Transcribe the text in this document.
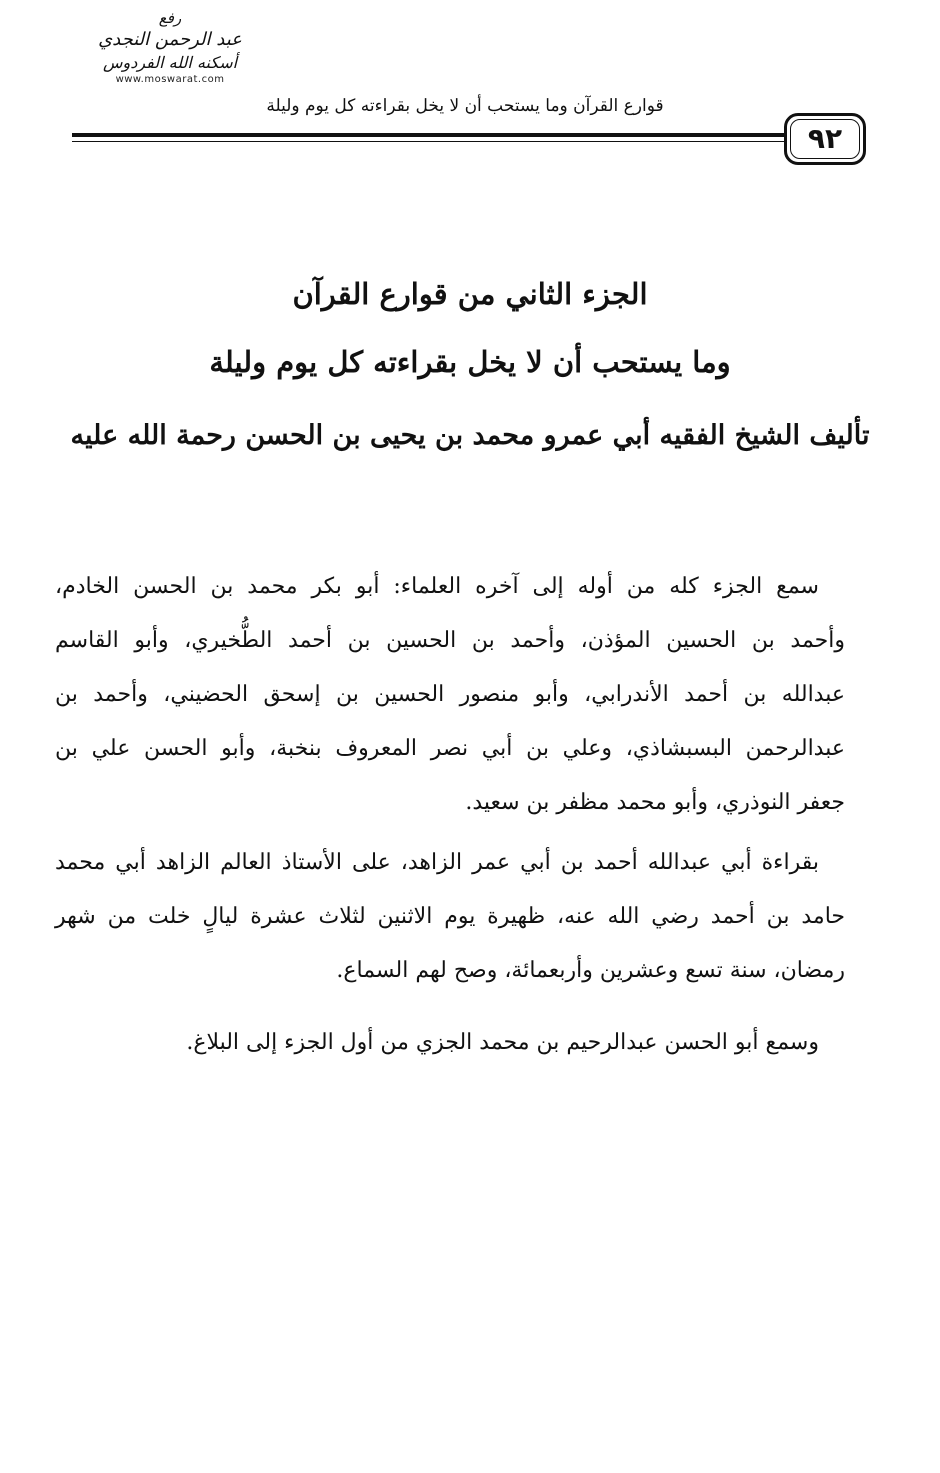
رفع
عبد الرحمن النجدي
أسكنه الله الفردوس
www.moswarat.com
قوارع القرآن وما يستحب أن لا يخل بقراءته كل يوم وليلة
٩٢
الجزء الثاني من قوارع القرآن
وما يستحب أن لا يخل بقراءته كل يوم وليلة
تأليف الشيخ الفقيه أبي عمرو محمد بن يحيى بن الحسن رحمة الله عليه
سمع الجزء كله من أوله إلى آخره العلماء: أبو بكر محمد بن الحسن الخادم،
وأحمد بن الحسين المؤذن، وأحمد بن الحسين بن أحمد الطُّخيري، وأبو القاسم
عبدالله بن أحمد الأندرابي، وأبو منصور الحسين بن إسحق الحضيني، وأحمد بن
عبدالرحمن البسبشاذي، وعلي بن أبي نصر المعروف بنخبة، وأبو الحسن علي بن
جعفر النوذري، وأبو محمد مظفر بن سعيد.
بقراءة أبي عبدالله أحمد بن أبي عمر الزاهد، على الأستاذ العالم الزاهد أبي محمد
حامد بن أحمد رضي الله عنه، ظهيرة يوم الاثنين لثلاث عشرة ليالٍ خلت من شهر
رمضان، سنة تسع وعشرين وأربعمائة، وصح لهم السماع.
وسمع أبو الحسن عبدالرحيم بن محمد الجزي من أول الجزء إلى البلاغ.
